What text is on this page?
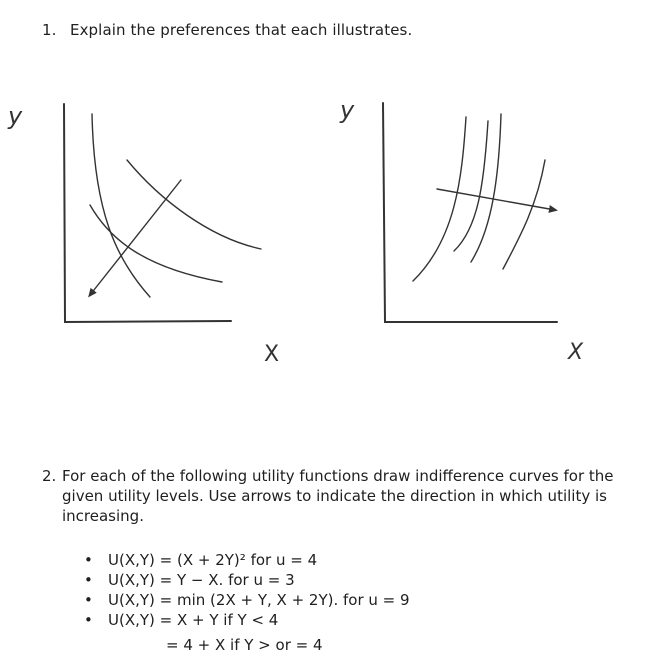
1. Explain the preferences that each illustrates.
y
X
y
X
2. For each of the following utility functions draw indifference curves for the given utility levels. Use arrows to indicate the direction in which utility is increasing.
• U(X,Y) = (X + 2Y)² for u = 4
• U(X,Y) = Y − X. for u = 3
• U(X,Y) = min (2X + Y, X + 2Y). for u = 9
• U(X,Y) = X + Y if Y < 4
= 4 + X if Y > or = 4
